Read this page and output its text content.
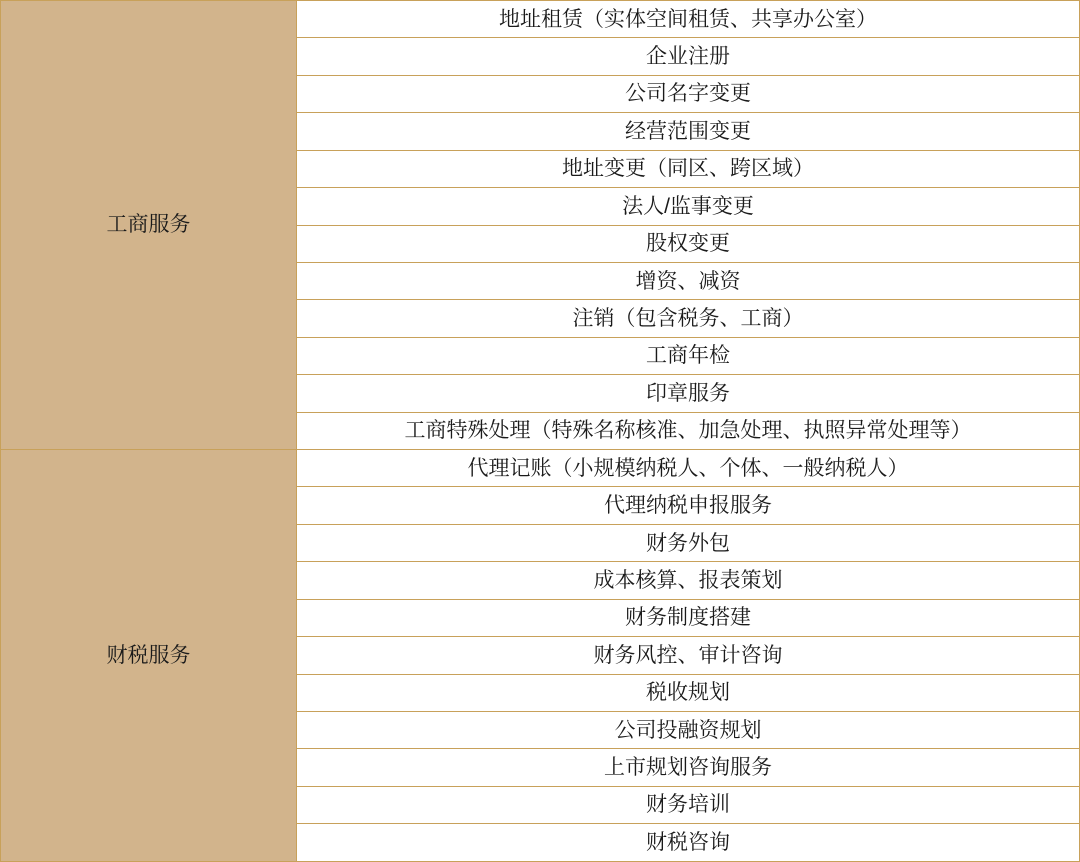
工商服务	地址租赁（实体空间租赁、共享办公室）
	企业注册
	公司名字变更
	经营范围变更
	地址变更（同区、跨区域）
	法人/监事变更
	股权变更
	增资、减资
	注销（包含税务、工商）
	工商年检
	印章服务
	工商特殊处理（特殊名称核准、加急处理、执照异常处理等）
财税服务	代理记账（小规模纳税人、个体、一般纳税人）
	代理纳税申报服务
	财务外包
	成本核算、报表策划
	财务制度搭建
	财务风控、审计咨询
	税收规划
	公司投融资规划
	上市规划咨询服务
	财务培训
	财税咨询
